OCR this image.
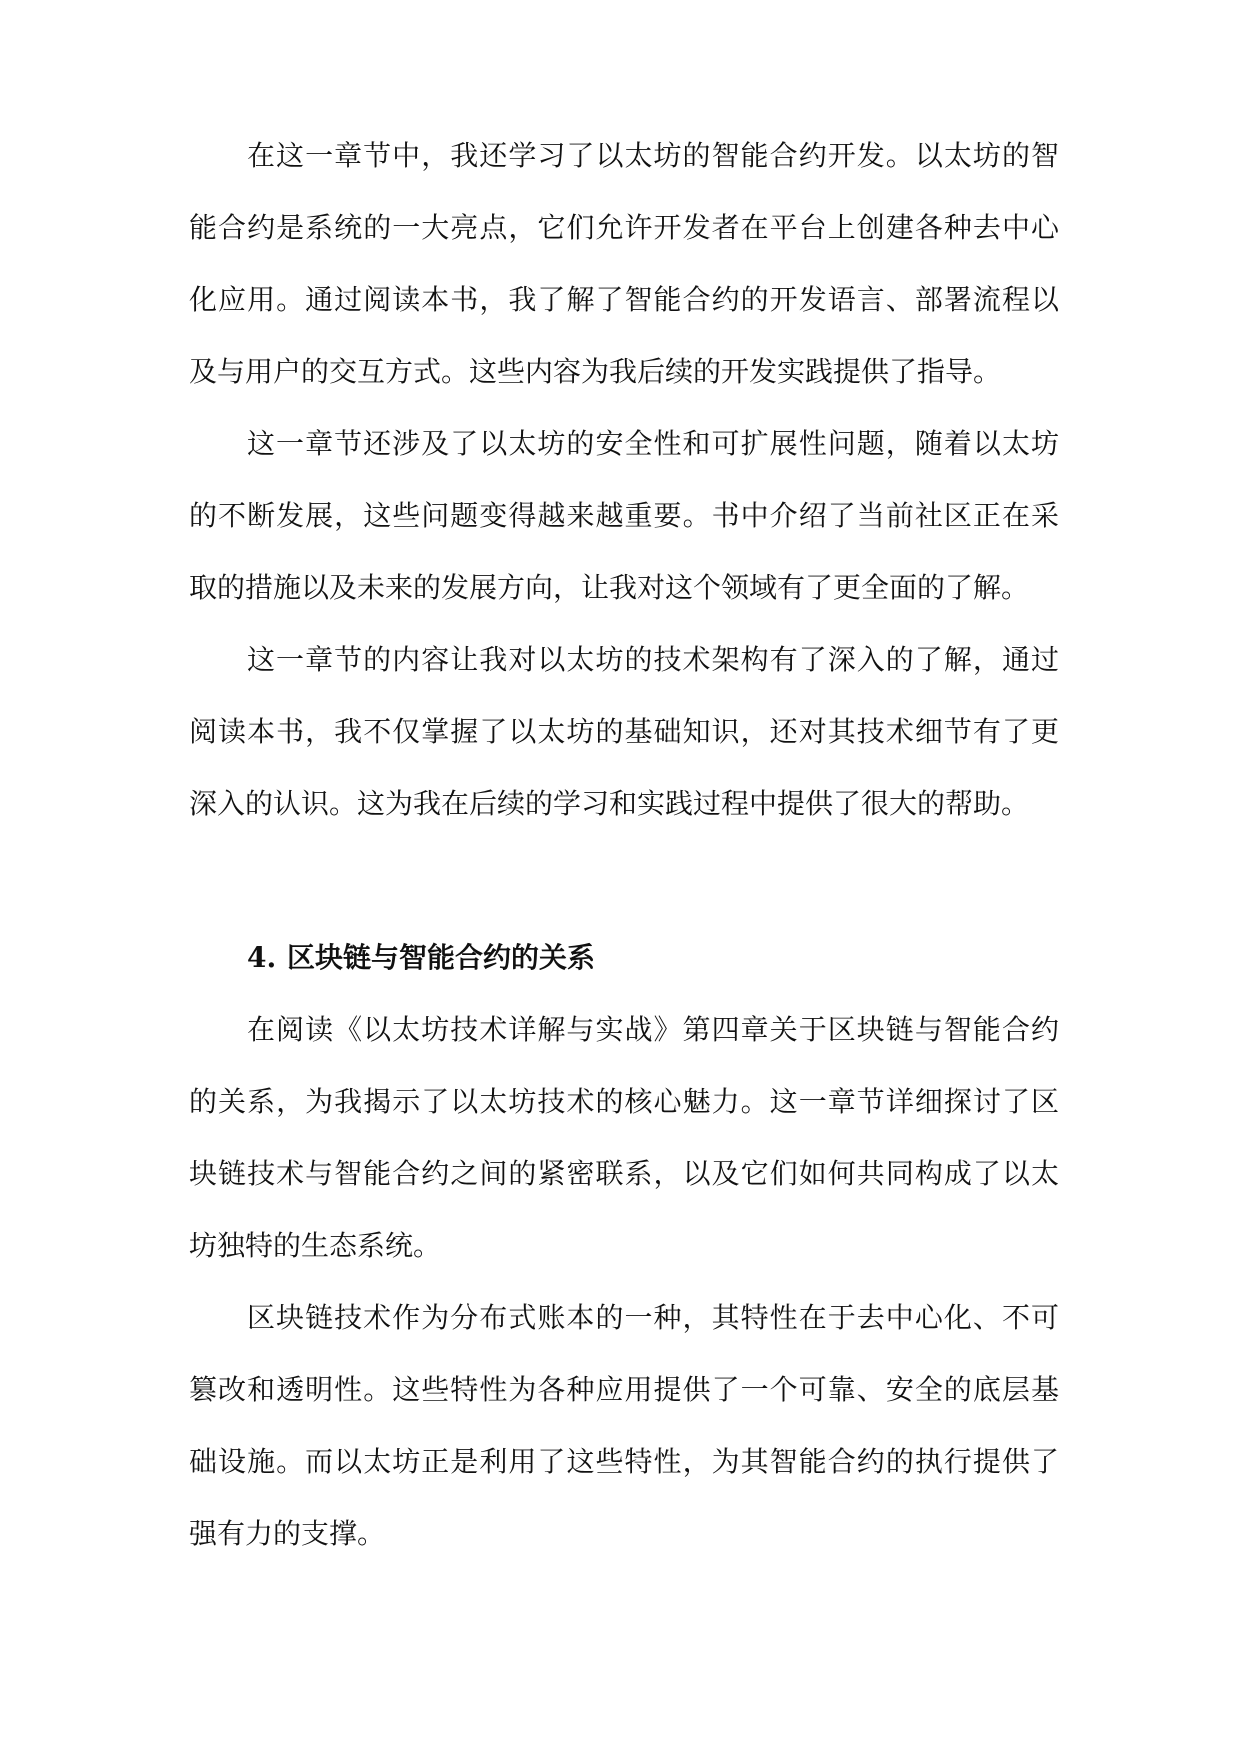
在这一章节中，我还学习了以太坊的智能合约开发。以太坊的智
能合约是系统的一大亮点，它们允许开发者在平台上创建各种去中心
化应用。通过阅读本书，我了解了智能合约的开发语言、部署流程以
及与用户的交互方式。这些内容为我后续的开发实践提供了指导。
这一章节还涉及了以太坊的安全性和可扩展性问题，随着以太坊
的不断发展，这些问题变得越来越重要。书中介绍了当前社区正在采
取的措施以及未来的发展方向，让我对这个领域有了更全面的了解。
这一章节的内容让我对以太坊的技术架构有了深入的了解，通过
阅读本书，我不仅掌握了以太坊的基础知识，还对其技术细节有了更
深入的认识。这为我在后续的学习和实践过程中提供了很大的帮助。
4. 区块链与智能合约的关系
在阅读《以太坊技术详解与实战》第四章关于区块链与智能合约
的关系，为我揭示了以太坊技术的核心魅力。这一章节详细探讨了区
块链技术与智能合约之间的紧密联系，以及它们如何共同构成了以太
坊独特的生态系统。
区块链技术作为分布式账本的一种，其特性在于去中心化、不可
篡改和透明性。这些特性为各种应用提供了一个可靠、安全的底层基
础设施。而以太坊正是利用了这些特性，为其智能合约的执行提供了
强有力的支撑。
